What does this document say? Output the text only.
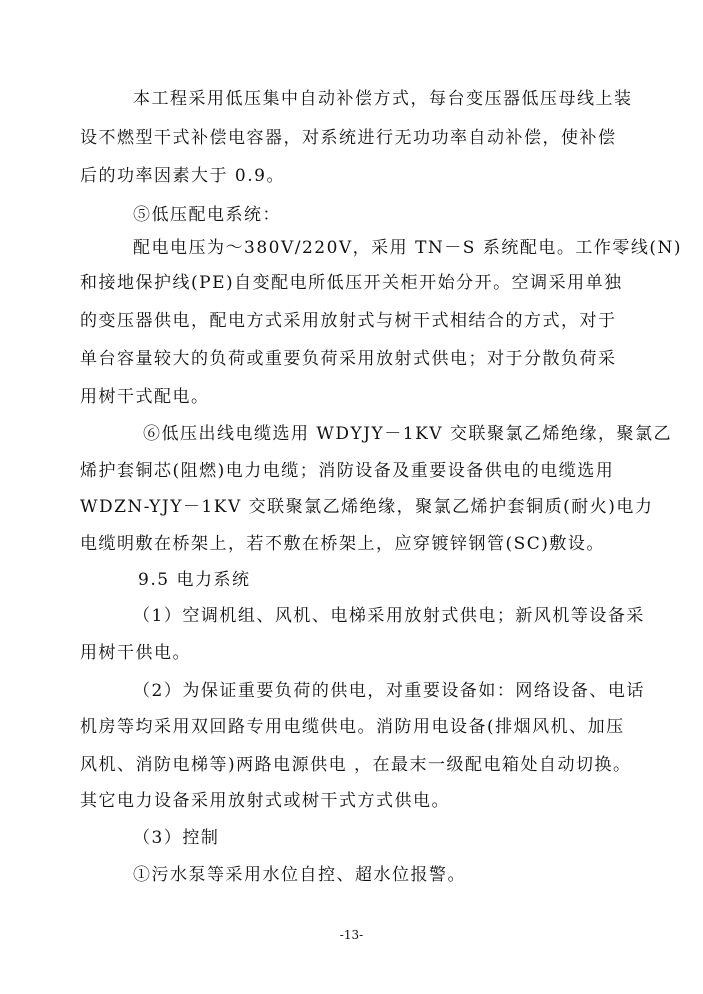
本工程采用低压集中自动补偿方式，每台变压器低压母线上装
设不燃型干式补偿电容器，对系统进行无功功率自动补偿，使补偿
后的功率因素大于 0.9。
⑤低压配电系统：
配电电压为～380V/220V，采用 TN－S 系统配电。工作零线(N)
和接地保护线(PE)自变配电所低压开关柜开始分开。空调采用单独
的变压器供电，配电方式采用放射式与树干式相结合的方式，对于
单台容量较大的负荷或重要负荷采用放射式供电；对于分散负荷采
用树干式配电。
⑥低压出线电缆选用 WDYJY－1KV 交联聚氯乙烯绝缘，聚氯乙
烯护套铜芯(阻燃)电力电缆；消防设备及重要设备供电的电缆选用
WDZN-YJY－1KV 交联聚氯乙烯绝缘，聚氯乙烯护套铜质(耐火)电力
电缆明敷在桥架上，若不敷在桥架上，应穿镀锌钢管(SC)敷设。
9.5 电力系统
（1）空调机组、风机、电梯采用放射式供电；新风机等设备采
用树干供电。
（2）为保证重要负荷的供电，对重要设备如：网络设备、电话
机房等均采用双回路专用电缆供电。消防用电设备(排烟风机、加压
风机、消防电梯等)两路电源供电 ，在最末一级配电箱处自动切换。
其它电力设备采用放射式或树干式方式供电。
（3）控制
①污水泵等采用水位自控、超水位报警。
-13-
